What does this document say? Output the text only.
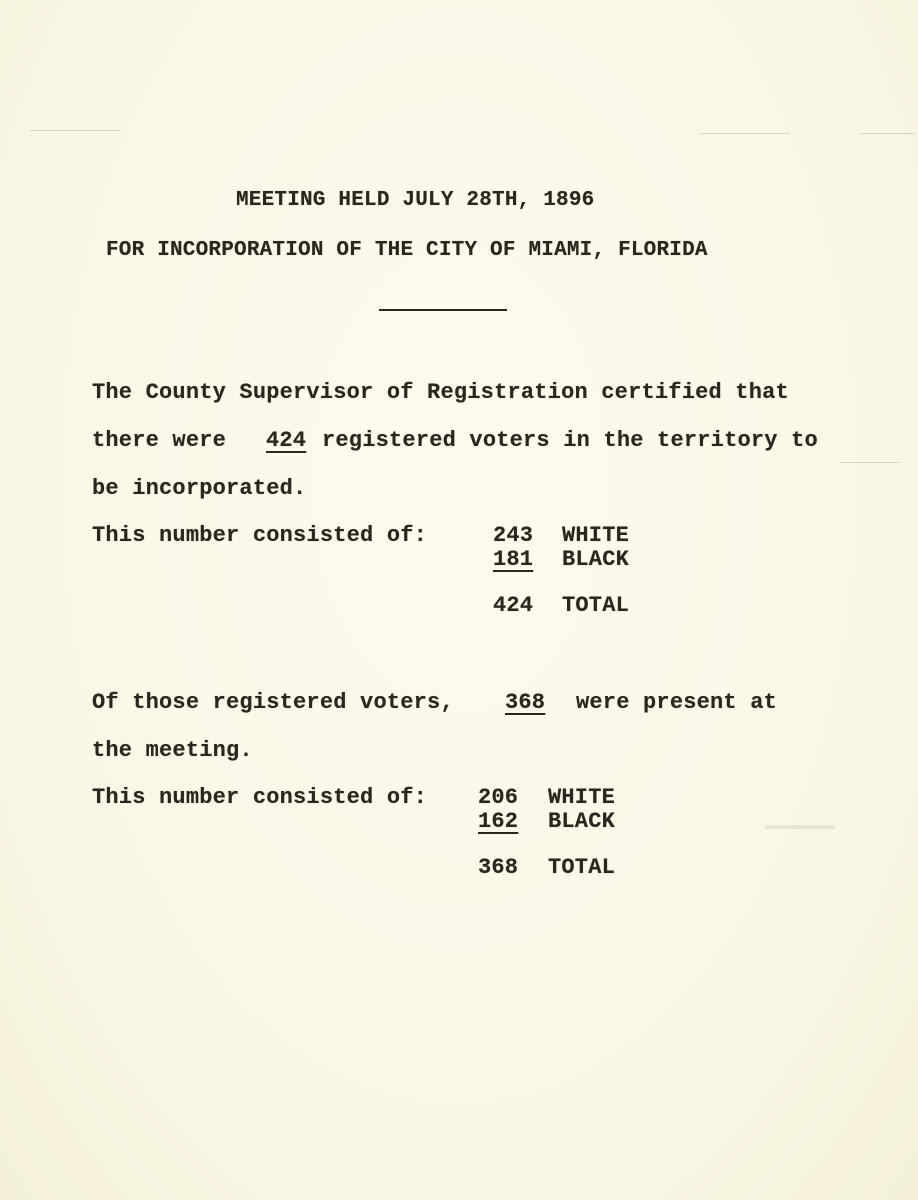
MEETING HELD JULY 28TH, 1896
FOR INCORPORATION OF THE CITY OF MIAMI, FLORIDA
The County Supervisor of Registration certified that
there were 424 registered voters in the territory to
be incorporated.
This number consisted of:	243 WHITE
181 BLACK
424 TOTAL
Of those registered voters, 368 were present at
the meeting.
This number consisted of: 206 WHITE
162 BLACK
368 TOTAL
